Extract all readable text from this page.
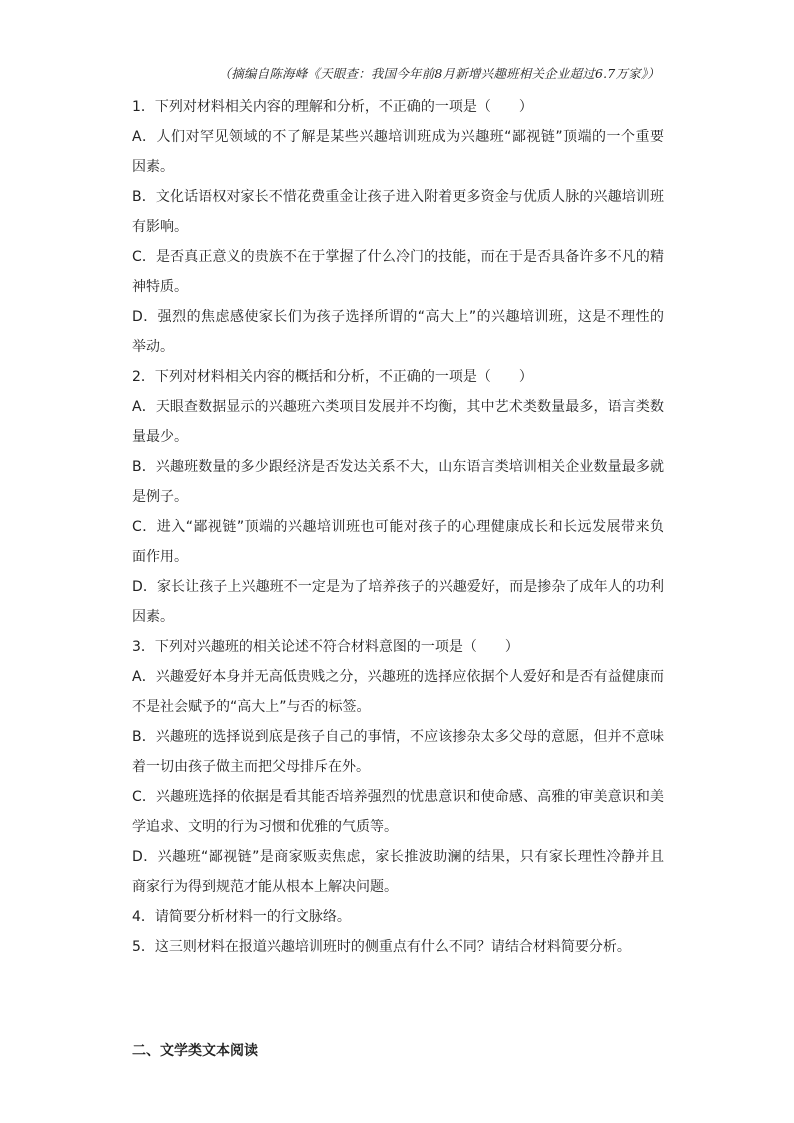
（摘编自陈海峰《天眼查：我国今年前8月新增兴趣班相关企业超过6.7万家》）
1．下列对材料相关内容的理解和分析，不正确的一项是（　　）
A．人们对罕见领域的不了解是某些兴趣培训班成为兴趣班“鄙视链”顶端的一个重要
因素。
B．文化话语权对家长不惜花费重金让孩子进入附着更多资金与优质人脉的兴趣培训班
有影响。
C．是否真正意义的贵族不在于掌握了什么冷门的技能，而在于是否具备许多不凡的精
神特质。
D．强烈的焦虑感使家长们为孩子选择所谓的“高大上”的兴趣培训班，这是不理性的
举动。
2．下列对材料相关内容的概括和分析，不正确的一项是（　　）
A．天眼查数据显示的兴趣班六类项目发展并不均衡，其中艺术类数量最多，语言类数
量最少。
B．兴趣班数量的多少跟经济是否发达关系不大，山东语言类培训相关企业数量最多就
是例子。
C．进入“鄙视链”顶端的兴趣培训班也可能对孩子的心理健康成长和长远发展带来负
面作用。
D．家长让孩子上兴趣班不一定是为了培养孩子的兴趣爱好，而是掺杂了成年人的功利
因素。
3．下列对兴趣班的相关论述不符合材料意图的一项是（　　）
A．兴趣爱好本身并无高低贵贱之分，兴趣班的选择应依据个人爱好和是否有益健康而
不是社会赋予的“高大上”与否的标签。
B．兴趣班的选择说到底是孩子自己的事情，不应该掺杂太多父母的意愿，但并不意味
着一切由孩子做主而把父母排斥在外。
C．兴趣班选择的依据是看其能否培养强烈的忧患意识和使命感、高雅的审美意识和美
学追求、文明的行为习惯和优雅的气质等。
D．兴趣班“鄙视链”是商家贩卖焦虑，家长推波助澜的结果，只有家长理性冷静并且
商家行为得到规范才能从根本上解决问题。
4．请简要分析材料一的行文脉络。
5．这三则材料在报道兴趣培训班时的侧重点有什么不同？请结合材料简要分析。
二、文学类文本阅读
